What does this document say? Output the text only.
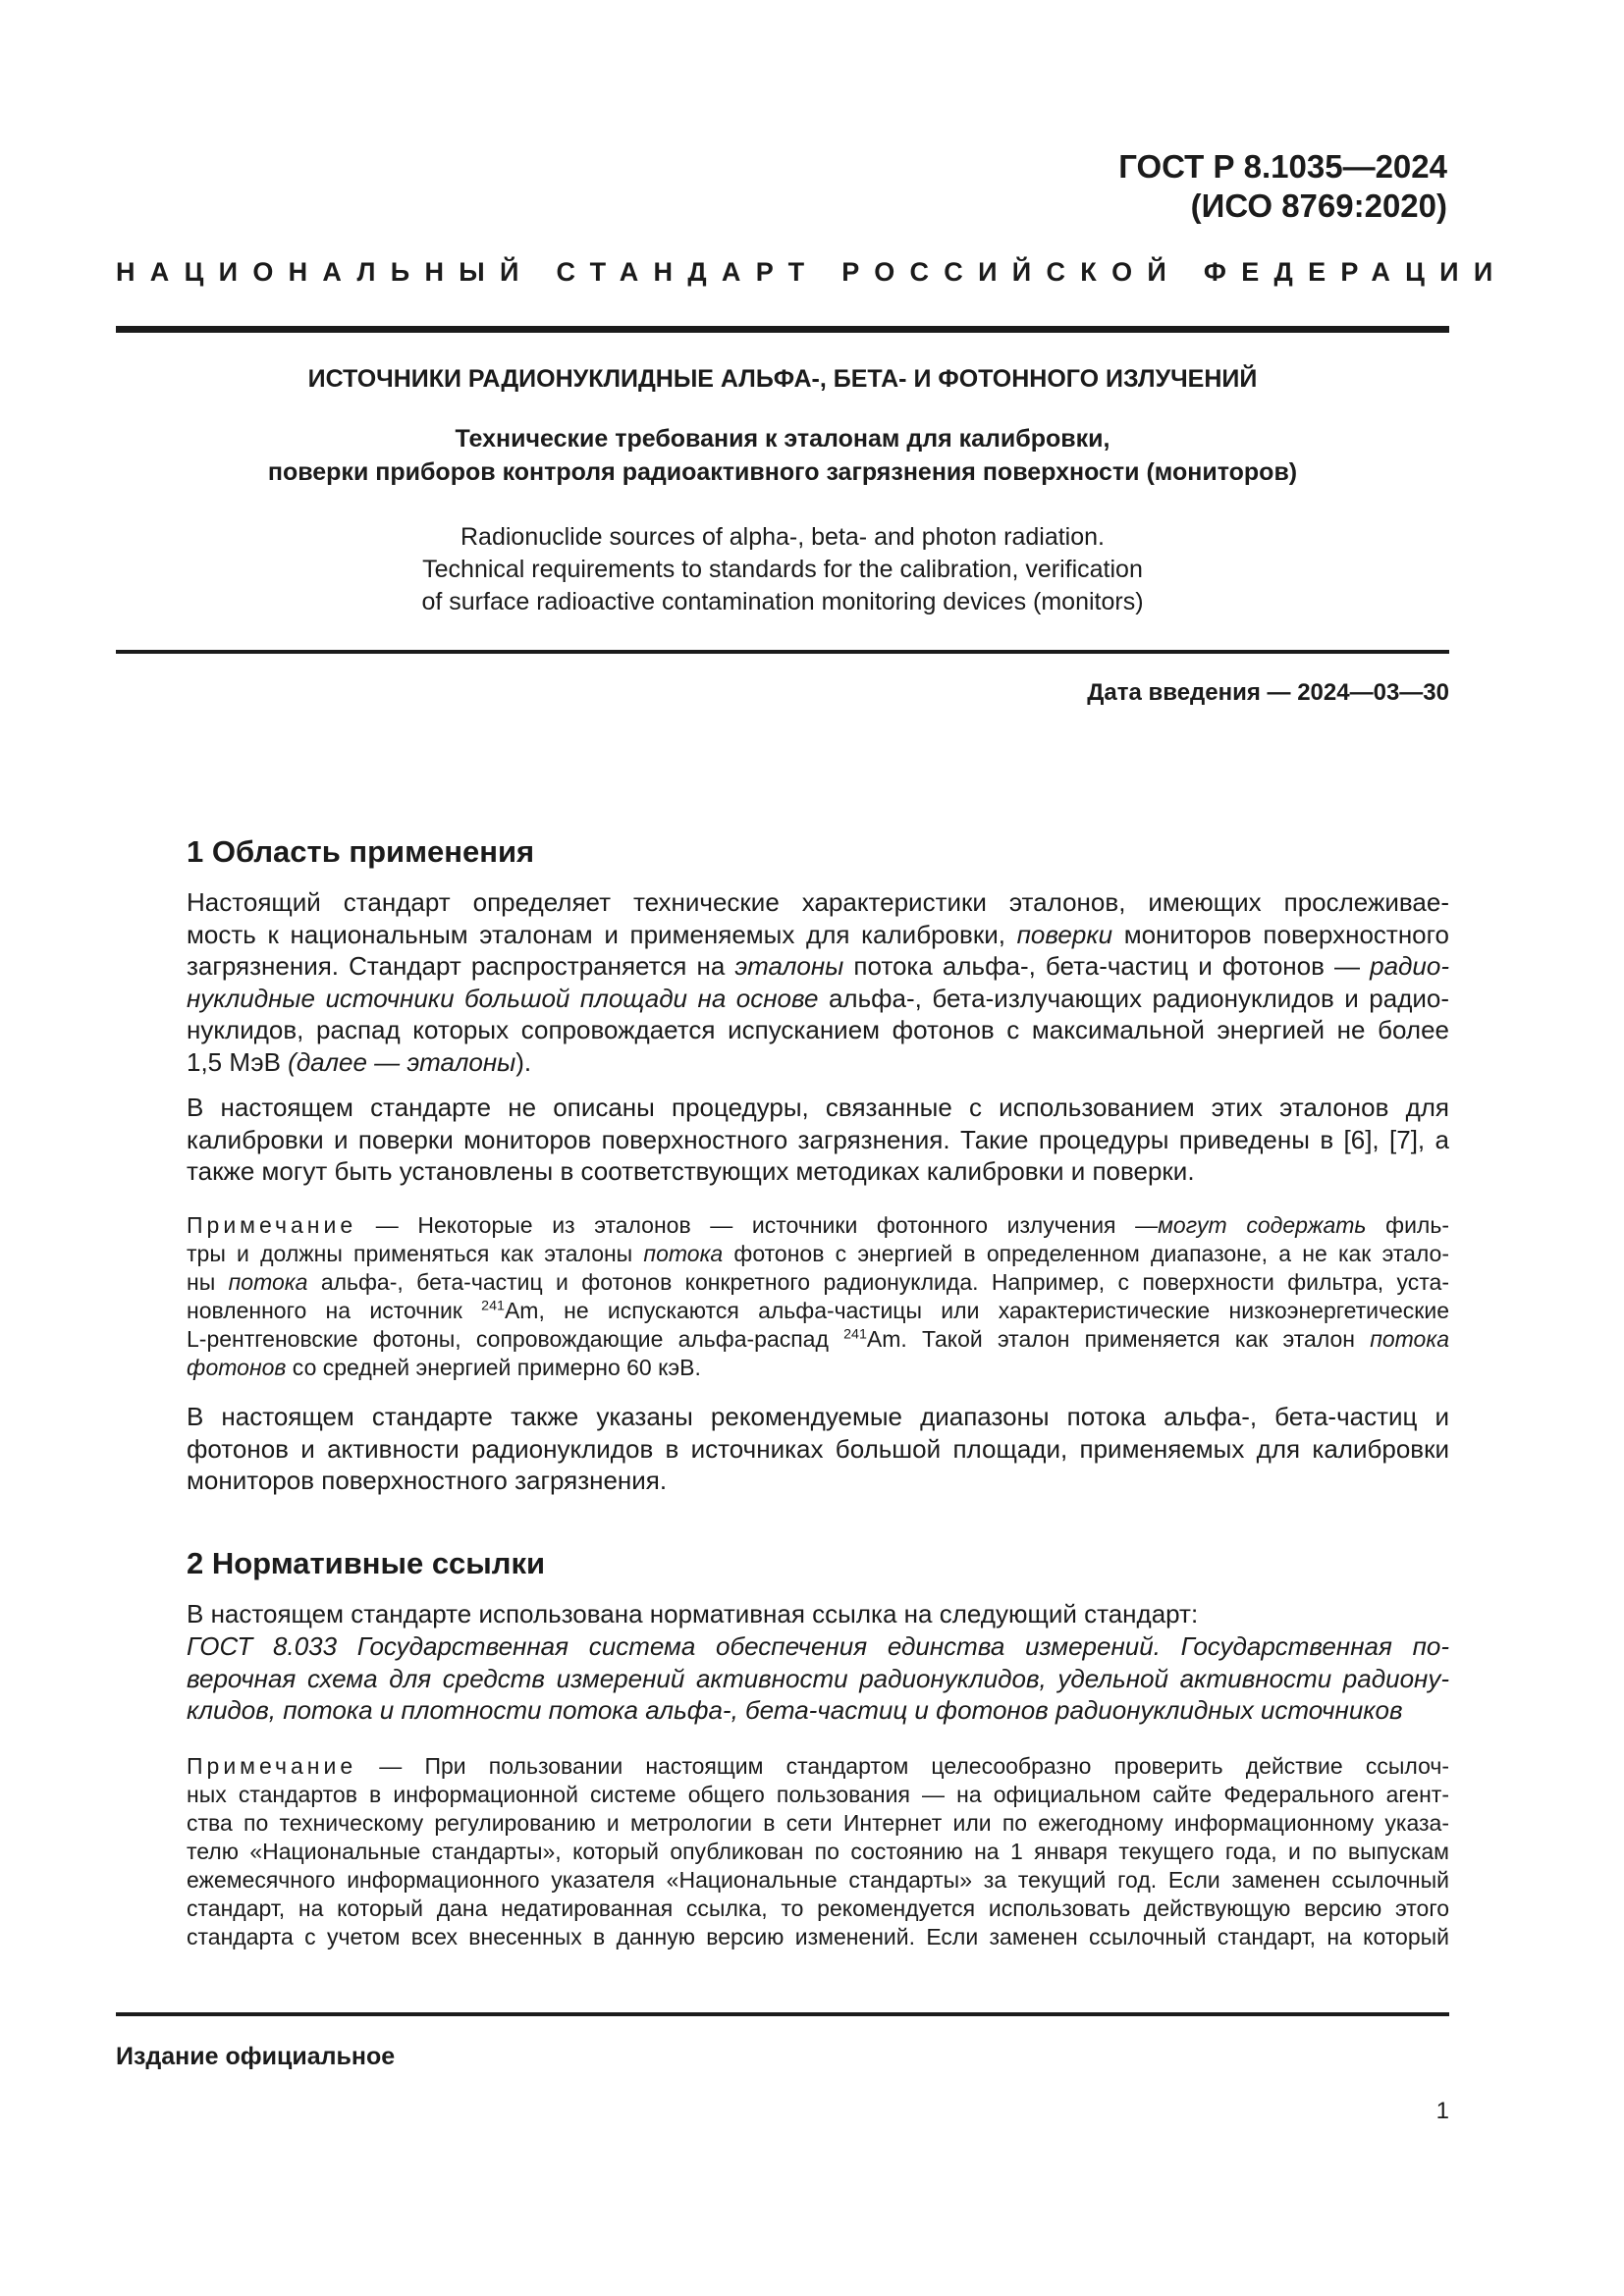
ГОСТ Р 8.1035—2024
(ИСО 8769:2020)
НАЦИОНАЛЬНЫЙ СТАНДАРТ РОССИЙСКОЙ ФЕДЕРАЦИИ
ИСТОЧНИКИ РАДИОНУКЛИДНЫЕ АЛЬФА-, БЕТА- И ФОТОННОГО ИЗЛУЧЕНИЙ
Технические требования к эталонам для калибровки,
поверки приборов контроля радиоактивного загрязнения поверхности (мониторов)
Radionuclide sources of alpha-, beta- and photon radiation.
Technical requirements to standards for the calibration, verification
of surface radioactive contamination monitoring devices (monitors)
Дата введения — 2024—03—30
1 Область применения
Настоящий стандарт определяет технические характеристики эталонов, имеющих прослеживае-
мость к национальным эталонам и применяемых для калибровки, поверки мониторов поверхностного
загрязнения. Стандарт распространяется на эталоны потока альфа-, бета-частиц и фотонов — радио-
нуклидные источники большой площади на основе альфа-, бета-излучающих радионуклидов и радио-
нуклидов, распад которых сопровождается испусканием фотонов с максимальной энергией не более
1,5 МэВ (далее — эталоны).
В настоящем стандарте не описаны процедуры, связанные с использованием этих эталонов для
калибровки и поверки мониторов поверхностного загрязнения. Такие процедуры приведены в [6], [7], а
также могут быть установлены в соответствующих методиках калибровки и поверки.
Примечание — Некоторые из эталонов — источники фотонного излучения —могут содержать филь-
тры и должны применяться как эталоны потока фотонов с энергией в определенном диапазоне, а не как этало-
ны потока альфа-, бета-частиц и фотонов конкретного радионуклида. Например, с поверхности фильтра, уста-
новленного на источник $^{241}$Am, не испускаются альфа-частицы или характеристические низкоэнергетические
L-рентгеновские фотоны, сопровождающие альфа-распад $^{241}$Am. Такой эталон применяется как эталон потока
фотонов со средней энергией примерно 60 кэВ.
В настоящем стандарте также указаны рекомендуемые диапазоны потока альфа-, бета-частиц и
фотонов и активности радионуклидов в источниках большой площади, применяемых для калибровки
мониторов поверхностного загрязнения.
2 Нормативные ссылки
В настоящем стандарте использована нормативная ссылка на следующий стандарт:
ГОСТ 8.033 Государственная система обеспечения единства измерений. Государственная по-
верочная схема для средств измерений активности радионуклидов, удельной активности радиону-
клидов, потока и плотности потока альфа-, бета-частиц и фотонов радионуклидных источников
Примечание — При пользовании настоящим стандартом целесообразно проверить действие ссылоч-
ных стандартов в информационной системе общего пользования — на официальном сайте Федерального агент-
ства по техническому регулированию и метрологии в сети Интернет или по ежегодному информационному указа-
телю «Национальные стандарты», который опубликован по состоянию на 1 января текущего года, и по выпускам
ежемесячного информационного указателя «Национальные стандарты» за текущий год. Если заменен ссылочный
стандарт, на который дана недатированная ссылка, то рекомендуется использовать действующую версию этого
стандарта с учетом всех внесенных в данную версию изменений. Если заменен ссылочный стандарт, на который
Издание официальное
1
